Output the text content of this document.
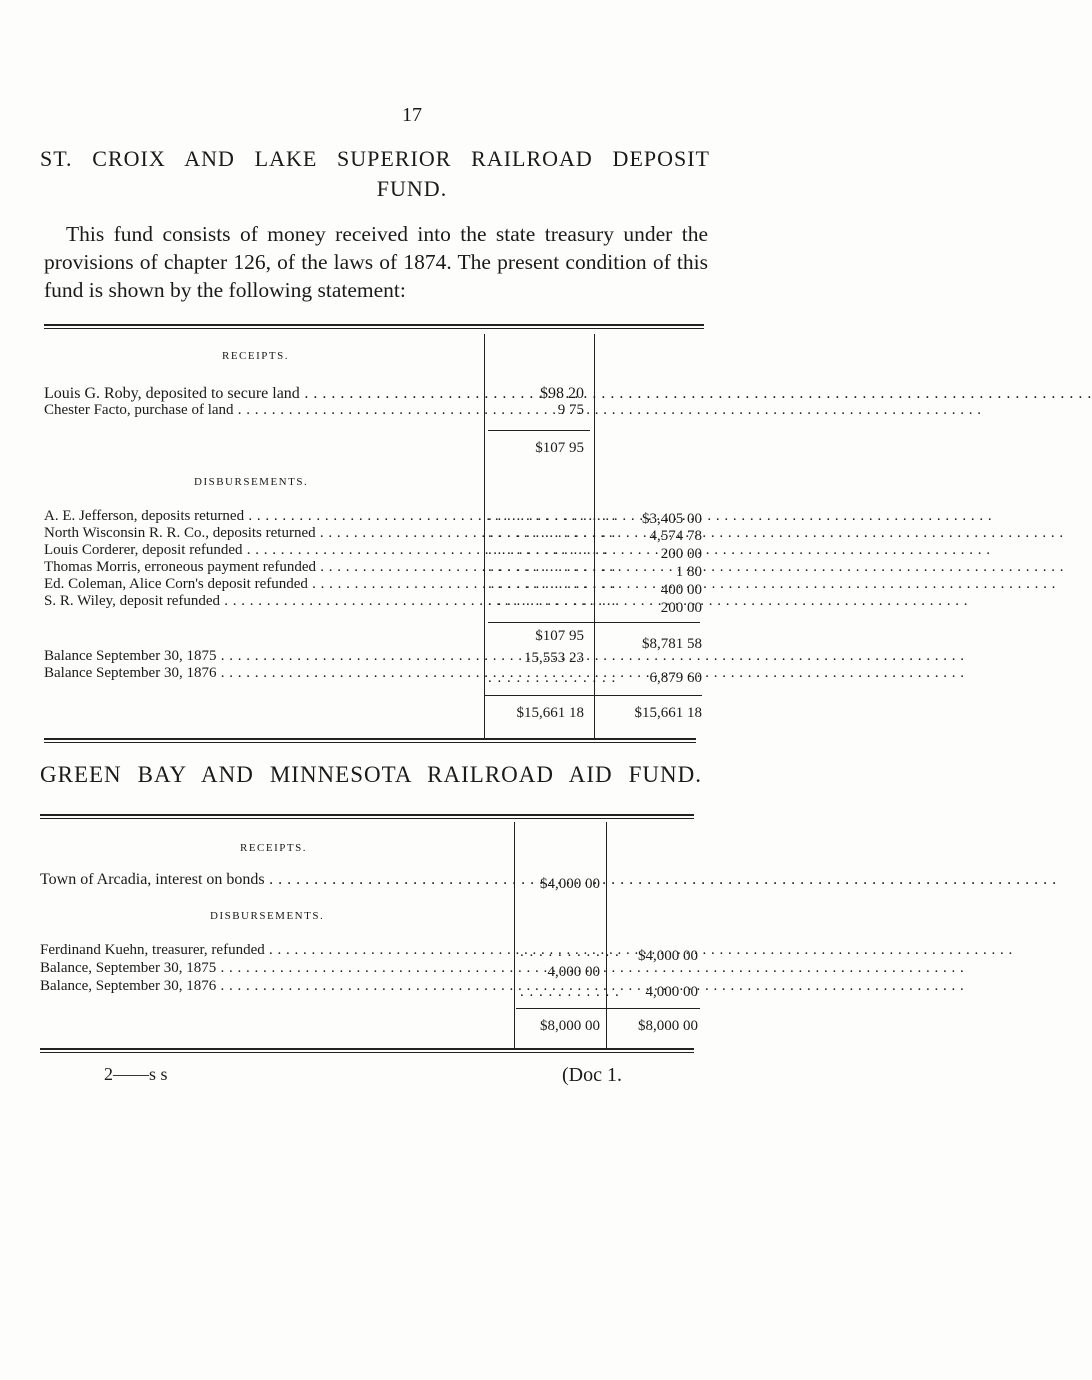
17
ST. CROIX AND LAKE SUPERIOR RAILROAD DEPOSIT
FUND.

This fund consists of money received into the state treasury under the provisions of chapter 126, of the laws of 1874. The present condition of this fund is shown by the following statement:

RECEIPTS.
Louis G. Roby, deposited to secure land . . .	$98 20
Chester Facto, purchase of land . . .	9 75
$107 95
DISBURSEMENTS.
A. E. Jefferson, deposits returned . . .	. . . . . . . . . . . . . .	$3,405 00
North Wisconsin R. R. Co., deposits returned . . .	. . . . . . . . . . . . . .	4,574 78
Louis Corderer, deposit refunded . . .	. . . . . . . . . . . . .	200 00
Thomas Morris, erroneous payment refunded . . .	. . . . . . . . . . . . . .	1 80
Ed. Coleman, Alice Corn's deposit refunded . . .	. . . . . . . . . . . . . .	400 00
S. R. Wiley, deposit refunded . . .	. . . . . . . . . . . . . .	200 00
$107 95	$8,781 58
Balance September 30, 1875 . . .	15,553 23
Balance September 30, 1876 . . .	. . . . . . . . . . . . . .	6,879 60
$15,661 18	$15,661 18
GREEN BAY AND MINNESOTA RAILROAD AID FUND.
RECEIPTS.
Town of Arcadia, interest on bonds . . .	$4,000 00
DISBURSEMENTS.
Ferdinand Kuehn, treasurer, refunded . . .	. . . . . . . . . . .	$4,000 00
Balance, September 30, 1875 . . .	4,000 00
Balance, September 30, 1876 . . .	. . . . . . . . . . .	4,000 00
$8,000 00	$8,000 00
2——s s	(Doc 1.
